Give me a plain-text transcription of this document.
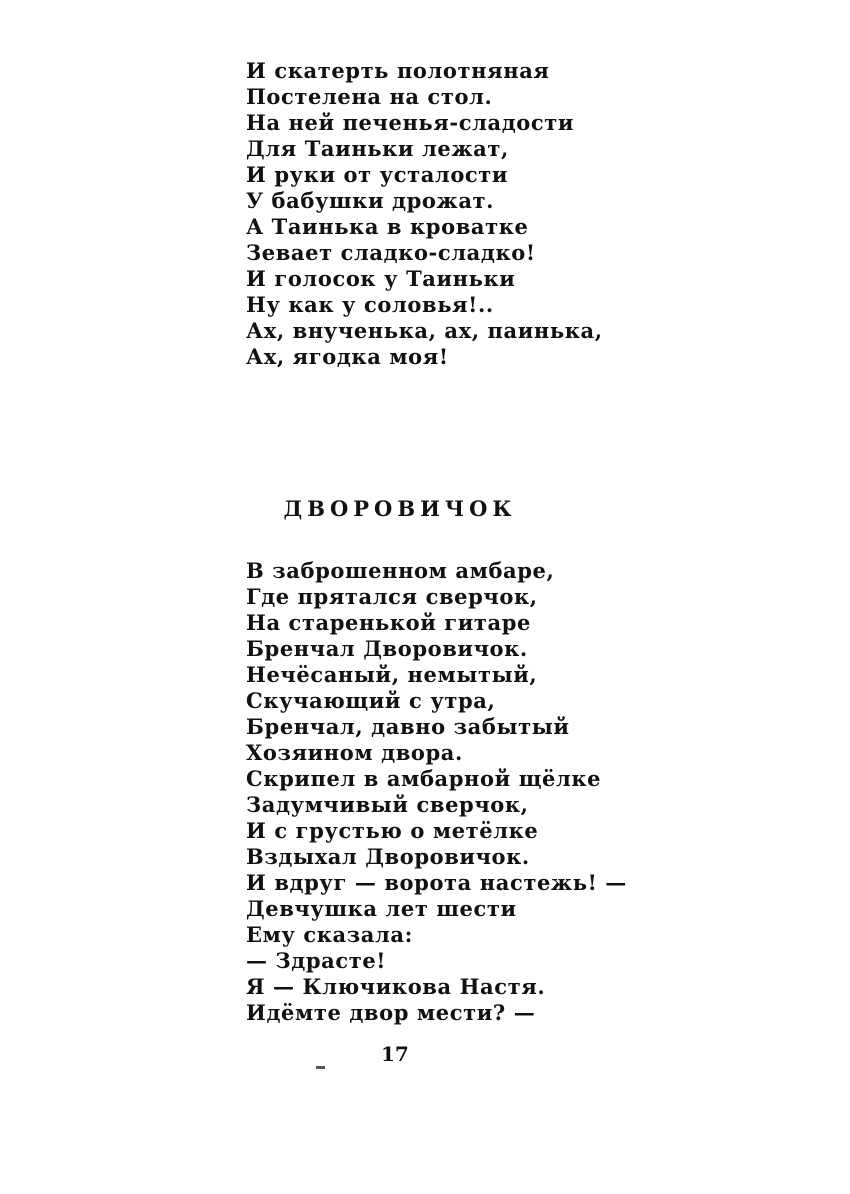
И скатерть полотняная
Постелена на стол.
На ней печенья-сладости
Для Таиньки лежат,
И руки от усталости
У бабушки дрожат.
А Таинька в кроватке
Зевает сладко-сладко!
И голосок у Таиньки
Ну как у соловья!..
Ах, внученька, ах, паинька,
Ах, ягодка моя!
ДВОРОВИЧОК
В заброшенном амбаре,
Где прятался сверчок,
На старенькой гитаре
Бренчал Дворовичок.
Нечёсаный, немытый,
Скучающий с утра,
Бренчал, давно забытый
Хозяином двора.
Скрипел в амбарной щёлке
Задумчивый сверчок,
И с грустью о метёлке
Вздыхал Дворовичок.
И вдруг — ворота настежь! —
Девчушка лет шести
Ему сказала:
— Здрасте!
Я — Ключикова Настя.
Идёмте двор мести? —
17
